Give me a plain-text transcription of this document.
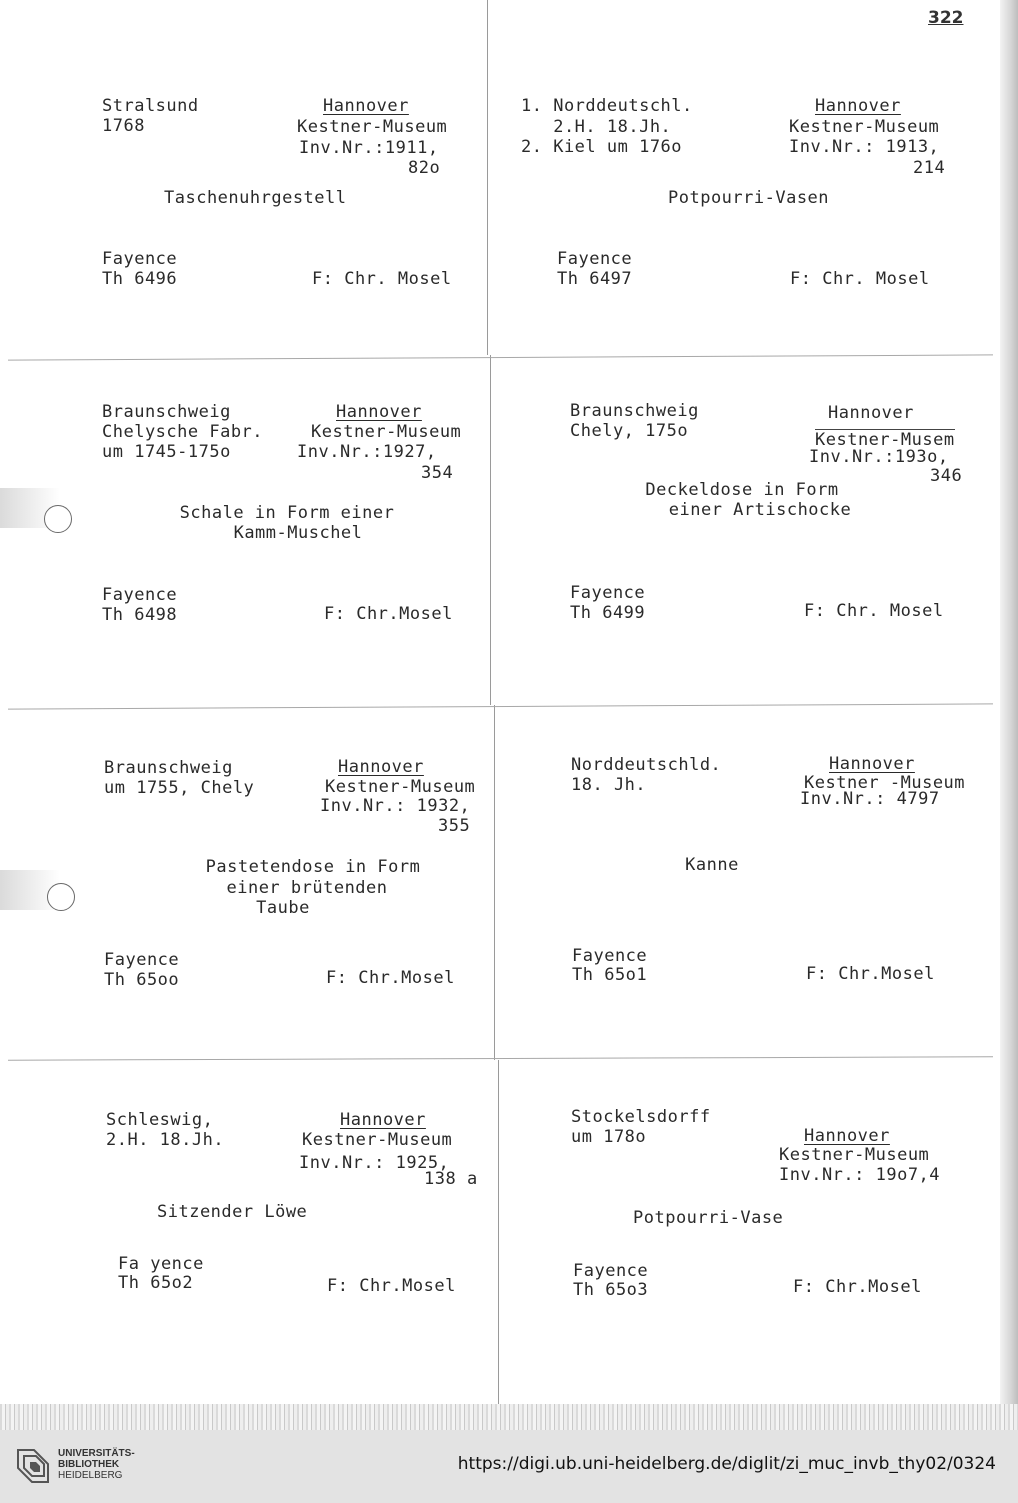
322
Stralsund
1768
Hannover
Kestner-Museum
Inv.Nr.:1911,
82o
Taschenuhrgestell
Fayence
Th 6496	F: Chr. Mosel
1. Norddeutschl.
2.H. 18.Jh.
2. Kiel um 176o
Hannover
Kestner-Museum
Inv.Nr.: 1913,
214
Potpourri-Vasen
Fayence
Th 6497	F: Chr. Mosel
Braunschweig
Chelysche Fabr.
um 1745-175o
Hannover
Kestner-Museum
Inv.Nr.:1927,
354
Schale in Form einer
Kamm-Muschel
Fayence
Th 6498	F: Chr.Mosel
Braunschweig
Chely, 175o
Hannover
Kestner-Musem
Inv.Nr.:193o,
346
Deckeldose in Form
einer Artischocke
Fayence
Th 6499	F: Chr. Mosel
Braunschweig
um 1755, Chely
Hannover
Kestner-Museum
Inv.Nr.: 1932,
355
Pastetendose in Form
einer brütenden
Taube
Fayence
Th 65oo	F: Chr.Mosel
Norddeutschld.
18. Jh.
Hannover
Kestner -Museum
Inv.Nr.: 4797
Kanne
Fayence
Th 65o1	F: Chr.Mosel
Schleswig,
2.H. 18.Jh.
Hannover
Kestner-Museum
Inv.Nr.: 1925,
138 a
Sitzender Löwe
Fa yence
Th 65o2	F: Chr.Mosel
Stockelsdorff
um 178o	Hannover
Kestner-Museum
Inv.Nr.: 19o7,4
Potpourri-Vase
Fayence
Th 65o3	F: Chr.Mosel
UNIVERSITÄTS-
BIBLIOTHEK
HEIDELBERG
https://digi.ub.uni-heidelberg.de/diglit/zi_muc_invb_thy02/0324
